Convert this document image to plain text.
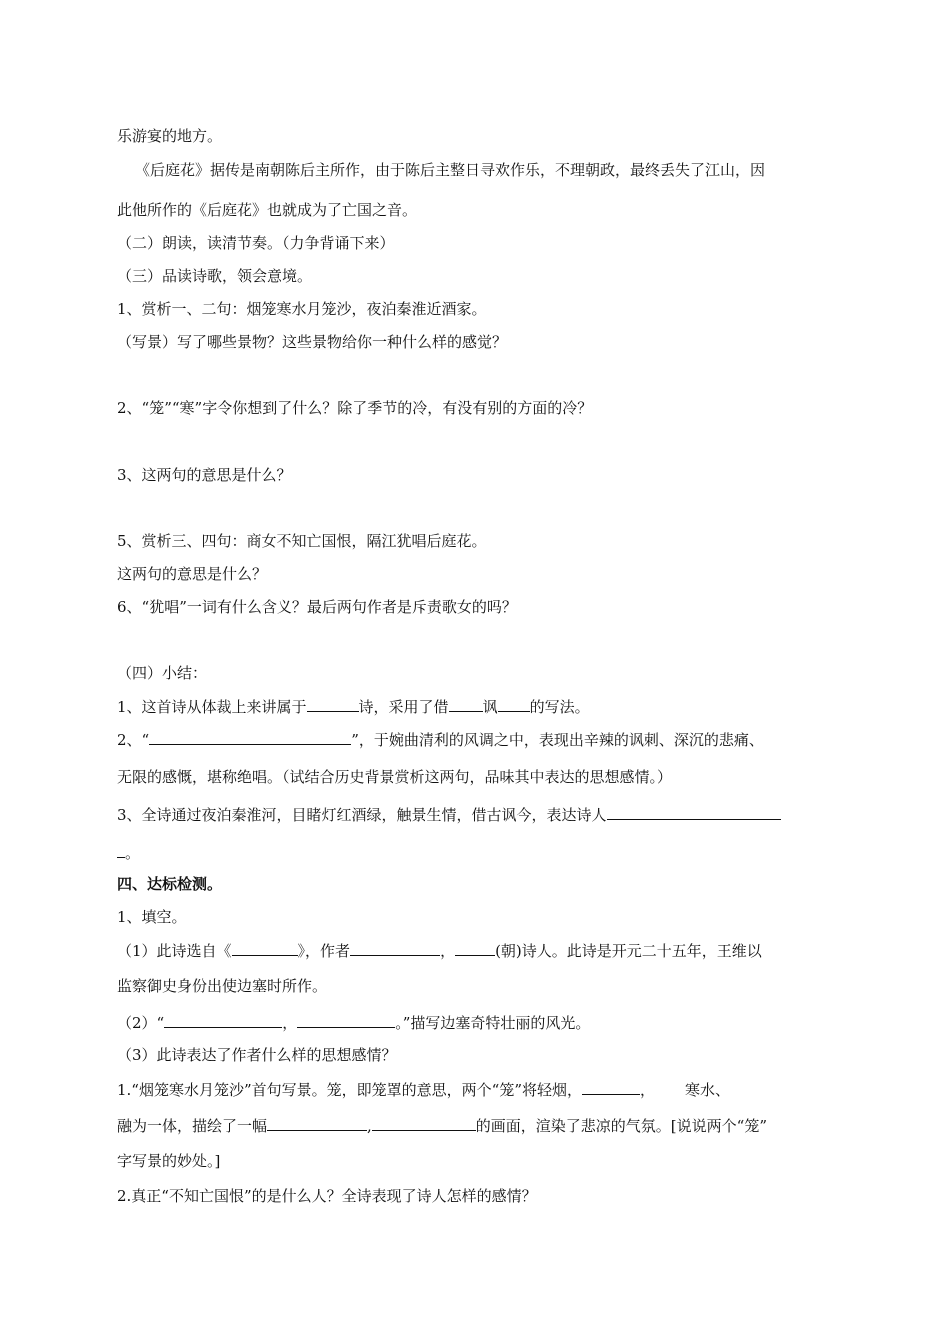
乐游宴的地方。
《后庭花》据传是南朝陈后主所作，由于陈后主整日寻欢作乐，不理朝政，最终丢失了江山，因
此他所作的《后庭花》也就成为了亡国之音。
（二）朗读，读清节奏。（力争背诵下来）
（三）品读诗歌，领会意境。
1、赏析一、二句：烟笼寒水月笼沙，夜泊秦淮近酒家。
（写景）写了哪些景物？这些景物给你一种什么样的感觉？
2、“笼”“寒”字令你想到了什么？除了季节的冷，有没有别的方面的冷？
3、这两句的意思是什么？
5、赏析三、四句：商女不知亡国恨，隔江犹唱后庭花。
这两句的意思是什么？
6、“犹唱”一词有什么含义？最后两句作者是斥责歌女的吗？
（四）小结：
1、这首诗从体裁上来讲属于	诗，采用了借 讽 的写法。
2、“	”，于婉曲清利的风调之中，表现出辛辣的讽刺、深沉的悲痛、
无限的感慨，堪称绝唱。（试结合历史背景赏析这两句，品味其中表达的思想感情。）
3、全诗通过夜泊秦淮河，目睹灯红酒绿，触景生情，借古讽今，表达诗人
。
四、达标检测。
1、填空。
（1）此诗选自《	》，作者	，	(朝)诗人。此诗是开元二十五年，王维以
监察御史身份出使边塞时所作。
（2）“	，	。”描写边塞奇特壮丽的风光。
（3）此诗表达了作者什么样的思想感情？
1.“烟笼寒水月笼沙”首句写景。笼，即笼罩的意思，两个“笼”将轻烟，	， 寒水、
融为一体，描绘了一幅	,	的画面，渲染了悲凉的气氛。[说说两个“笼”
字写景的妙处。]
2.真正“不知亡国恨”的是什么人？全诗表现了诗人怎样的感情？
